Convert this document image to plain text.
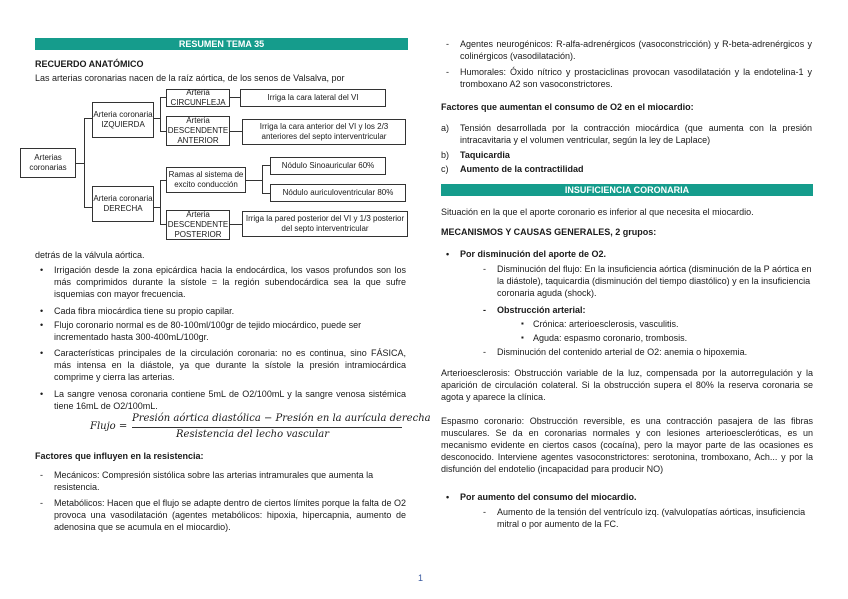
RESUMEN TEMA 35
RECUERDO ANATÓMICO
Las arterias coronarias nacen de la raíz aórtica, de los senos de Valsalva, por
Arterias coronarias
Arteria coronaria IZQUIERDA
Arteria coronaria DERECHA
Arteria CIRCUNFLEJA
Irriga la cara lateral del VI
Arteria DESCENDENTE ANTERIOR
Irriga la cara anterior del VI y los 2/3 anteriores del septo interventricular
Ramas al sistema de excito conducción
Nódulo Sinoauricular 60%
Nódulo auriculoventricular 80%
Arteria DESCENDENTE POSTERIOR
Irriga la pared posterior del VI y 1/3 posterior del septo interventricular
detrás de la válvula aórtica.
• Irrigación desde la zona epicárdica hacia la endocárdica, los vasos profundos son los más comprimidos durante la sístole = la región subendocárdica sea la que sufre isquemias con mayor frecuencia.
• Cada fibra miocárdica tiene su propio capilar.
• Flujo coronario normal es de 80-100ml/100gr de tejido miocárdico, puede ser incrementado hasta 300-400mL/100gr.
• Características principales de la circulación coronaria: no es continua, sino FÁSICA, más intensa en la diástole, ya que durante la sístole la presión intramiocárdica comprime y cierra las arterias.
• La sangre venosa coronaria contiene 5mL de O2/100mL y la sangre venosa sistémica tiene 16mL de O2/100mL.
Flujo =
Presión aórtica diastólica − Presión en la aurícula derecha
Resistencia del lecho vascular
Factores que influyen en la resistencia:
- Mecánicos: Compresión sistólica sobre las arterias intramurales que aumenta la resistencia.
- Metabólicos: Hacen que el flujo se adapte dentro de ciertos límites porque la falta de O2 provoca una vasodilatación (agentes metabólicos: hipoxia, hipercapnia, aumento de adenosina que se acumula en el miocardio).
- Agentes neurogénicos: R-alfa-adrenérgicos (vasoconstricción) y R-beta-adrenérgicos y colinérgicos (vasodilatación).
- Humorales: Óxido nítrico y prostaciclinas provocan vasodilatación y la endotelina-1 y tromboxano A2 son vasoconstrictores.
Factores que aumentan el consumo de O2 en el miocardio:
a) Tensión desarrollada por la contracción miocárdica (que aumenta con la presión intracavitaria y el volumen ventricular, según la ley de Laplace)
b) Taquicardia
c) Aumento de la contractilidad
INSUFICIENCIA CORONARIA
Situación en la que el aporte coronario es inferior al que necesita el miocardio.
MECANISMOS Y CAUSAS GENERALES, 2 grupos:
• Por disminución del aporte de O2.
- Disminución del flujo: En la insuficiencia aórtica (disminución de la P aórtica en la diástole), taquicardia (disminución del tiempo diastólico) y en la insuficiencia coronaria aguda (shock).
- Obstrucción arterial:
▪ Crónica: arterioesclerosis, vasculitis.
▪ Aguda: espasmo coronario, trombosis.
- Disminución del contenido arterial de O2: anemia o hipoxemia.
Arterioesclerosis: Obstrucción variable de la luz, compensada por la autorregulación y la aparición de circulación colateral. Si la obstrucción supera el 80% la reserva coronaria se agota y aparece la clínica.
Espasmo coronario: Obstrucción reversible, es una contracción pasajera de las fibras musculares. Se da en coronarias normales y con lesiones arterioescleróticas, es un mecanismo evidente en ciertos casos (cocaína), pero la mayor parte de las ocasiones es desconocido. Interviene agentes vasoconstrictores: serotonina, tromboxano, Ach... y por la disfunción del endotelio (incapacidad para producir NO)
• Por aumento del consumo del miocardio.
- Aumento de la tensión del ventrículo izq. (valvulopatías aórticas, insuficiencia mitral o por aumento de la FC.
1
